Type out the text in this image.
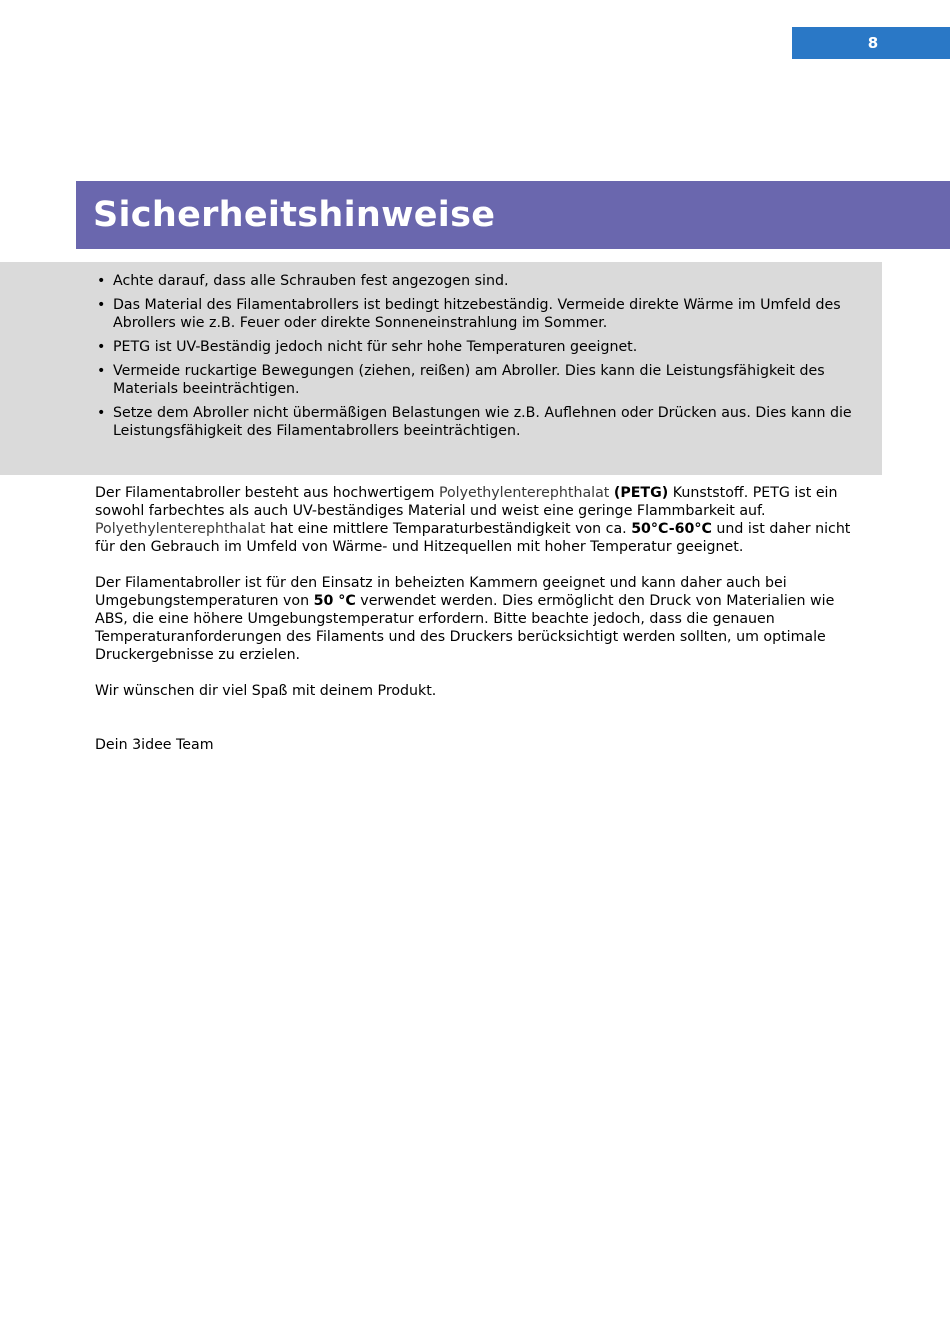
8
Sicherheitshinweise
• Achte darauf, dass alle Schrauben fest angezogen sind.
• Das Material des Filamentabrollers ist bedingt hitzebeständig. Vermeide direkte Wärme im Umfeld des Abrollers wie z.B. Feuer oder direkte Sonneneinstrahlung im Sommer.
• PETG ist UV-Beständig jedoch nicht für sehr hohe Temperaturen geeignet.
• Vermeide ruckartige Bewegungen (ziehen, reißen) am Abroller. Dies kann die Leistungsfähigkeit des Materials beeinträchtigen.
• Setze dem Abroller nicht übermäßigen Belastungen wie z.B. Auflehnen oder Drücken aus. Dies kann die Leistungsfähigkeit des Filamentabrollers beeinträchtigen.

Der Filamentabroller besteht aus hochwertigem Polyethylenterephthalat (PETG) Kunststoff. PETG ist ein sowohl farbechtes als auch UV-beständiges Material und weist eine geringe Flammbarkeit auf. Polyethylenterephthalat hat eine mittlere Temparaturbeständigkeit von ca. 50°C-60°C und ist daher nicht für den Gebrauch im Umfeld von Wärme- und Hitzequellen mit hoher Temperatur geeignet.

Der Filamentabroller ist für den Einsatz in beheizten Kammern geeignet und kann daher auch bei Umgebungstemperaturen von 50 °C verwendet werden. Dies ermöglicht den Druck von Materialien wie ABS, die eine höhere Umgebungstemperatur erfordern. Bitte beachte jedoch, dass die genauen Temperaturanforderungen des Filaments und des Druckers berücksichtigt werden sollten, um optimale Druckergebnisse zu erzielen.

Wir wünschen dir viel Spaß mit deinem Produkt.

Dein 3idee Team
